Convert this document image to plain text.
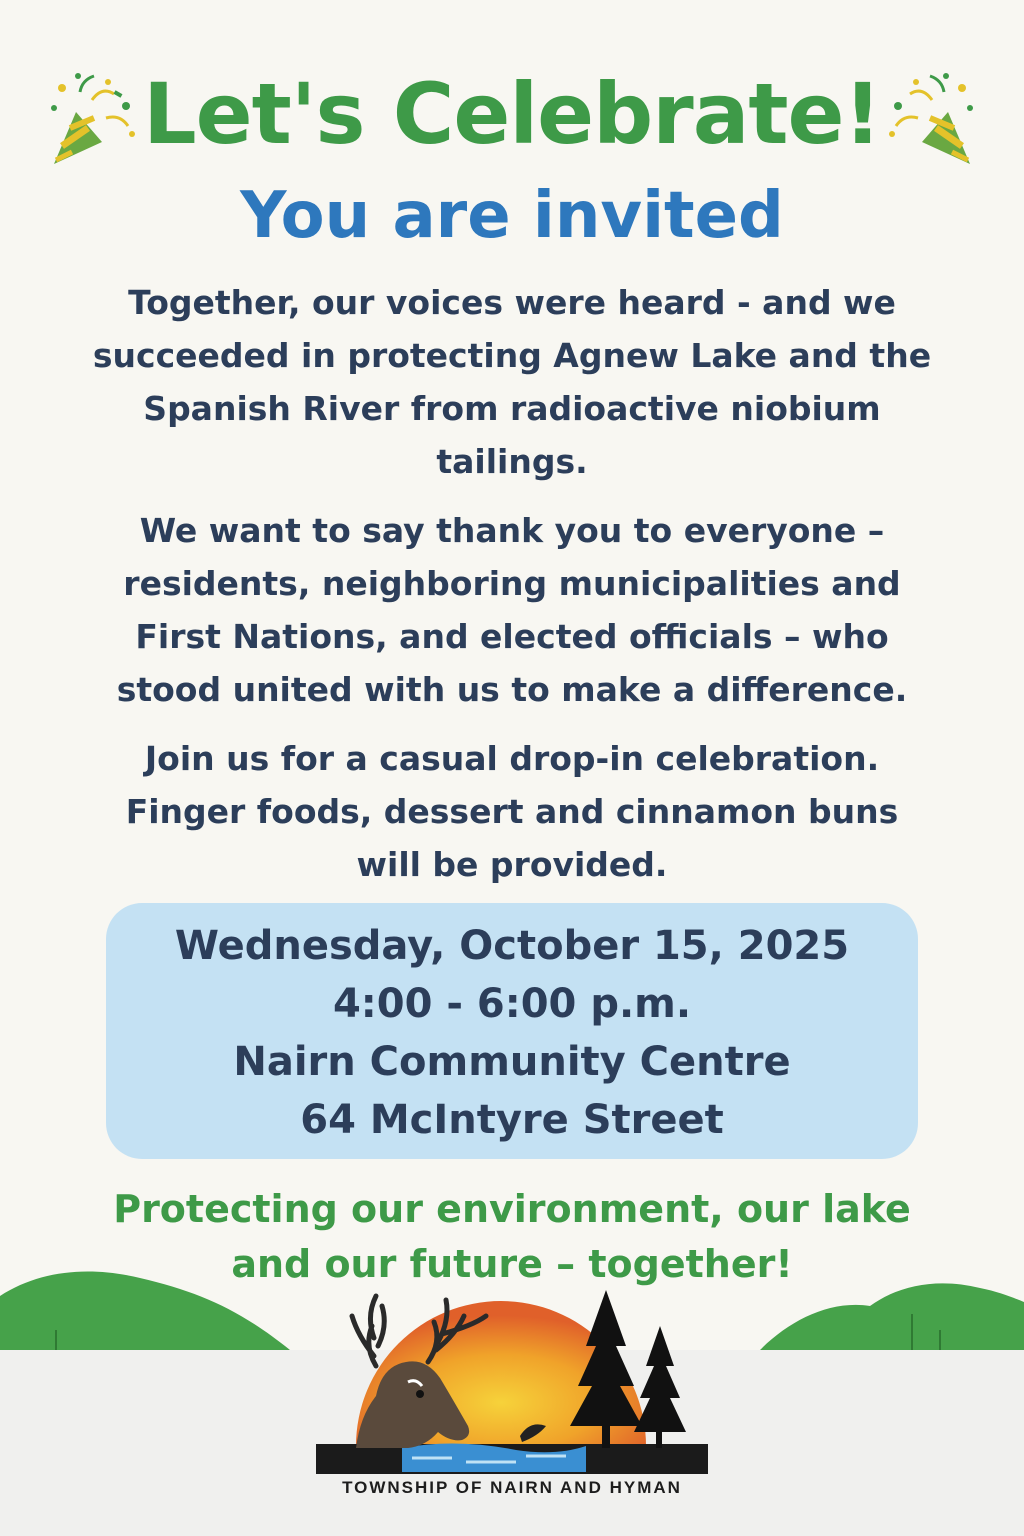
Let's Celebrate!
You are invited

Together, our voices were heard - and we succeeded in protecting Agnew Lake and the Spanish River from radioactive niobium tailings.

We want to say thank you to everyone – residents, neighboring municipalities and First Nations, and elected officials – who stood united with us to make a difference.

Join us for a casual drop-in celebration. Finger foods, dessert and cinnamon buns will be provided.

Wednesday, October 15, 2025
4:00 - 6:00 p.m.
Nairn Community Centre
64 McIntyre Street
Protecting our environment, our lake and our future – together!
TOWNSHIP OF NAIRN AND HYMAN
